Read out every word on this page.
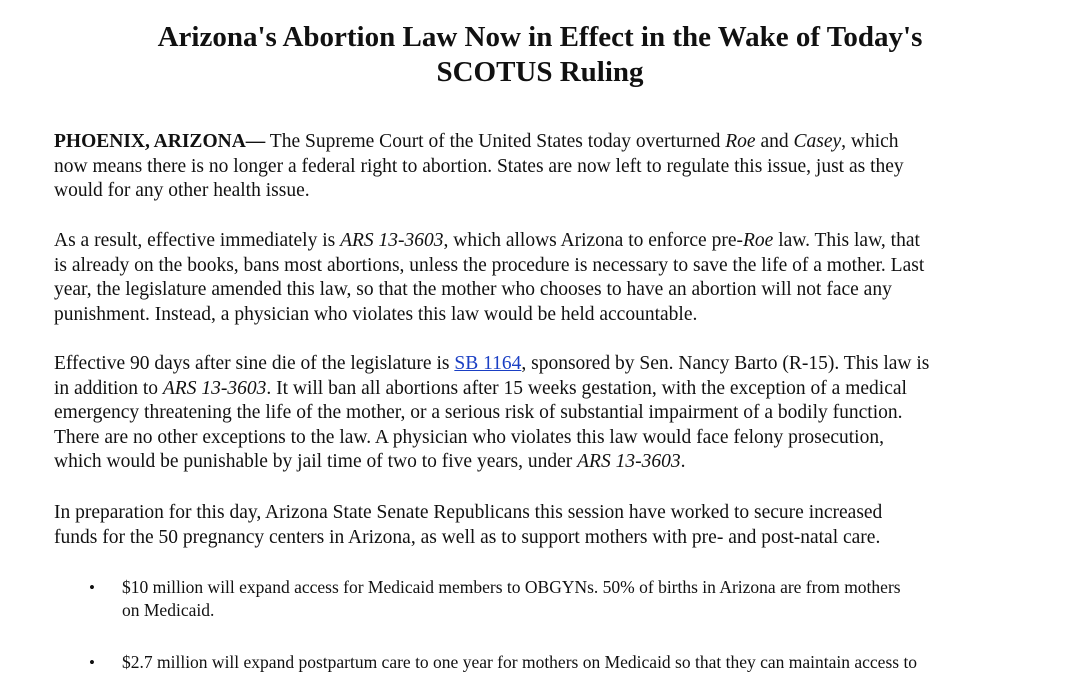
Arizona's Abortion Law Now in Effect in the Wake of Today's
SCOTUS Ruling

PHOENIX, ARIZONA— The Supreme Court of the United States today overturned Roe and Casey, which
now means there is no longer a federal right to abortion. States are now left to regulate this issue, just as they
would for any other health issue.

As a result, effective immediately is ARS 13-3603, which allows Arizona to enforce pre-Roe law. This law, that
is already on the books, bans most abortions, unless the procedure is necessary to save the life of a mother. Last
year, the legislature amended this law, so that the mother who chooses to have an abortion will not face any
punishment. Instead, a physician who violates this law would be held accountable.

Effective 90 days after sine die of the legislature is SB 1164, sponsored by Sen. Nancy Barto (R-15). This law is
in addition to ARS 13-3603. It will ban all abortions after 15 weeks gestation, with the exception of a medical
emergency threatening the life of the mother, or a serious risk of substantial impairment of a bodily function.
There are no other exceptions to the law. A physician who violates this law would face felony prosecution,
which would be punishable by jail time of two to five years, under ARS 13-3603.

In preparation for this day, Arizona State Senate Republicans this session have worked to secure increased
funds for the 50 pregnancy centers in Arizona, as well as to support mothers with pre- and post-natal care.

• $10 million will expand access for Medicaid members to OBGYNs. 50% of births in Arizona are from mothers
on Medicaid.
• $2.7 million will expand postpartum care to one year for mothers on Medicaid so that they can maintain access to
